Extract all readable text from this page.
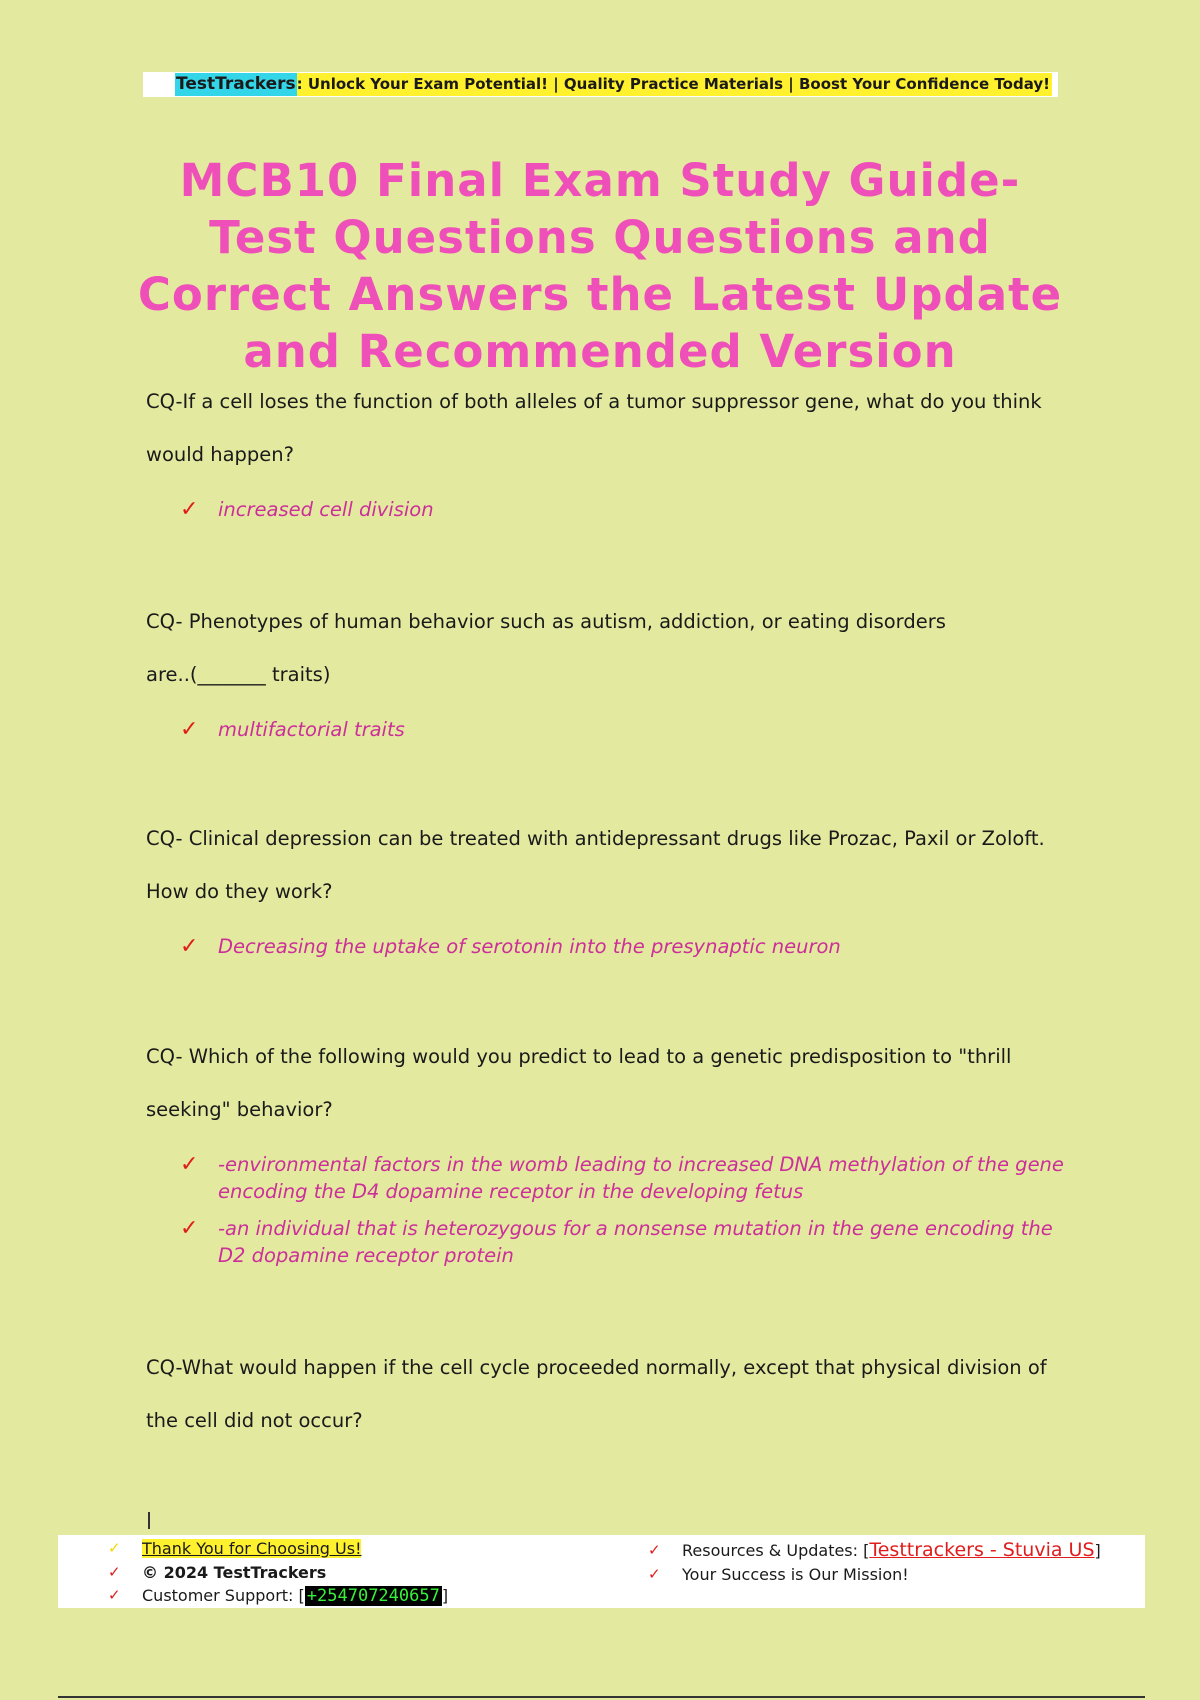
TestTrackers : Unlock Your Exam Potential! | Quality Practice Materials | Boost Your Confidence Today!
MCB10 Final Exam Study Guide- Test Questions Questions and Correct Answers the Latest Update and Recommended Version

CQ-If a cell loses the function of both alleles of a tumor suppressor gene, what do you think

would happen?

✓ increased cell division

CQ- Phenotypes of human behavior such as autism, addiction, or eating disorders

are..(_______ traits)

✓ multifactorial traits

CQ- Clinical depression can be treated with antidepressant drugs like Prozac, Paxil or Zoloft.

How do they work?

✓ Decreasing the uptake of serotonin into the presynaptic neuron

CQ- Which of the following would you predict to lead to a genetic predisposition to "thrill

seeking" behavior?

✓ -environmental factors in the womb leading to increased DNA methylation of the gene encoding the D4 dopamine receptor in the developing fetus
✓ -an individual that is heterozygous for a nonsense mutation in the gene encoding the D2 dopamine receptor protein

CQ-What would happen if the cell cycle proceeded normally, except that physical division of

the cell did not occur?

✓ Thank You for Choosing Us!
✓ © 2024 TestTrackers
✓ Customer Support: [ +254707240657 ]
✓ Resources & Updates: [Testtrackers - Stuvia US]
✓ Your Success is Our Mission!
